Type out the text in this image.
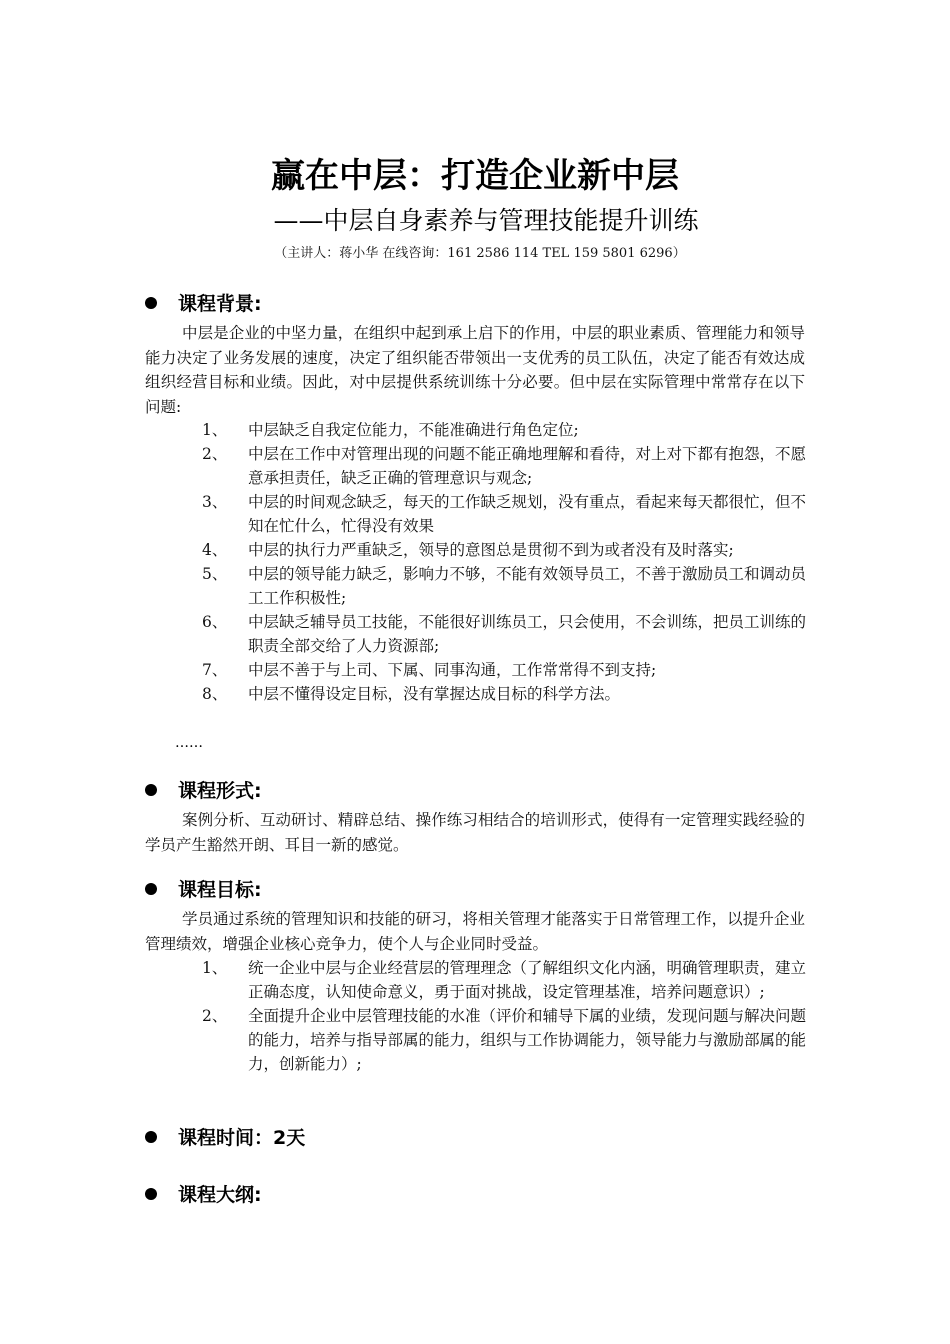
赢在中层：打造企业新中层
——中层自身素养与管理技能提升训练
（主讲人：蒋小华 在线咨询：161 2586 114 TEL 159 5801 6296）
课程背景:
中层是企业的中坚力量，在组织中起到承上启下的作用，中层的职业素质、管理能力和领导能力决定了业务发展的速度，决定了组织能否带领出一支优秀的员工队伍，决定了能否有效达成组织经营目标和业绩。因此，对中层提供系统训练十分必要。但中层在实际管理中常常存在以下问题:
1、 中层缺乏自我定位能力，不能准确进行角色定位;
2、 中层在工作中对管理出现的问题不能正确地理解和看待，对上对下都有抱怨，不愿意承担责任，缺乏正确的管理意识与观念;
3、 中层的时间观念缺乏，每天的工作缺乏规划，没有重点，看起来每天都很忙，但不知在忙什么，忙得没有效果
4、 中层的执行力严重缺乏，领导的意图总是贯彻不到为或者没有及时落实;
5、 中层的领导能力缺乏，影响力不够，不能有效领导员工，不善于激励员工和调动员工工作积极性;
6、 中层缺乏辅导员工技能，不能很好训练员工，只会使用，不会训练，把员工训练的职责全部交给了人力资源部;
7、 中层不善于与上司、下属、同事沟通，工作常常得不到支持;
8、 中层不懂得设定目标，没有掌握达成目标的科学方法。
……
课程形式:
案例分析、互动研讨、精辟总结、操作练习相结合的培训形式，使得有一定管理实践经验的学员产生豁然开朗、耳目一新的感觉。
课程目标:
学员通过系统的管理知识和技能的研习，将相关管理才能落实于日常管理工作，以提升企业管理绩效，增强企业核心竞争力，使个人与企业同时受益。
1、 统一企业中层与企业经营层的管理理念（了解组织文化内涵，明确管理职责，建立正确态度，认知使命意义，勇于面对挑战，设定管理基准，培养问题意识）;
2、 全面提升企业中层管理技能的水准（评价和辅导下属的业绩，发现问题与解决问题的能力，培养与指导部属的能力，组织与工作协调能力，领导能力与激励部属的能力，创新能力）;
课程时间：2天
课程大纲:
